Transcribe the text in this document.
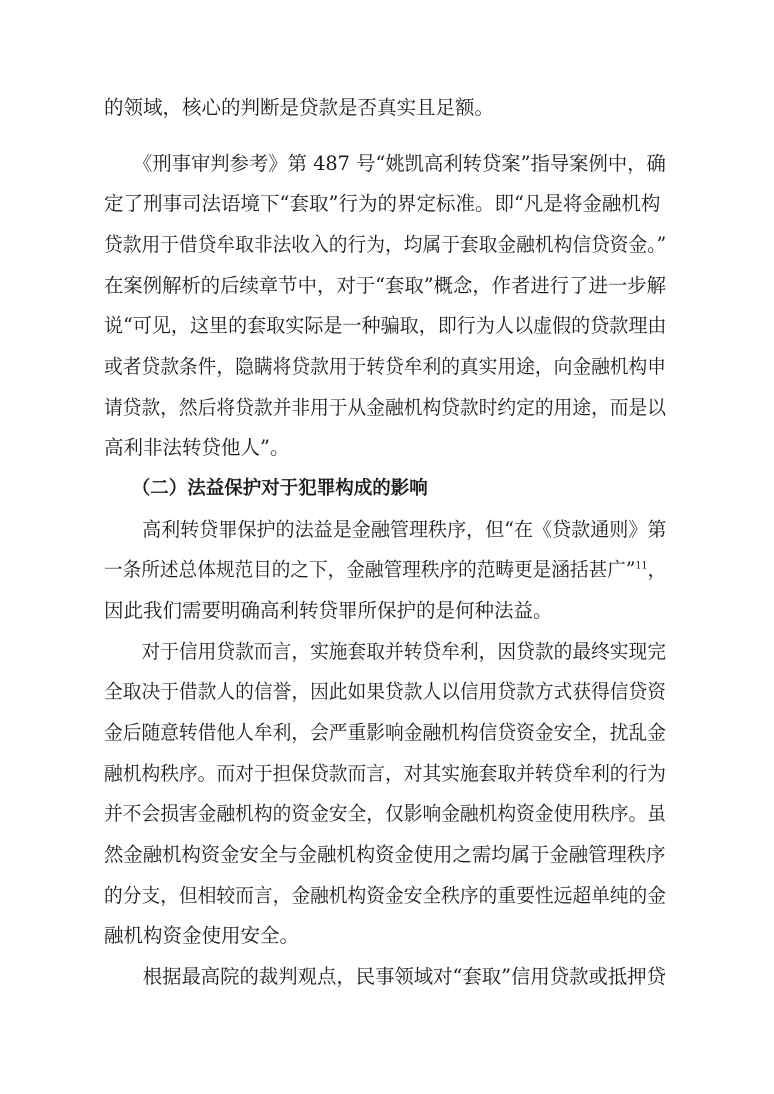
的领域，核心的判断是贷款是否真实且足额。
　　《刑事审判参考》第 487 号“姚凯高利转贷案”指导案例中，确
定了刑事司法语境下“套取”行为的界定标准。即“凡是将金融机构
贷款用于借贷牟取非法收入的行为，均属于套取金融机构信贷资金。”
在案例解析的后续章节中，对于“套取”概念，作者进行了进一步解
说“可见，这里的套取实际是一种骗取，即行为人以虚假的贷款理由
或者贷款条件，隐瞒将贷款用于转贷牟利的真实用途，向金融机构申
请贷款，然后将贷款并非用于从金融机构贷款时约定的用途，而是以
高利非法转贷他人”。
　　（二）法益保护对于犯罪构成的影响
　　高利转贷罪保护的法益是金融管理秩序，但“在《贷款通则》第
一条所述总体规范目的之下，金融管理秩序的范畴更是涵括甚广”$^{11}$，
因此我们需要明确高利转贷罪所保护的是何种法益。
　　对于信用贷款而言，实施套取并转贷牟利，因贷款的最终实现完
全取决于借款人的信誉，因此如果贷款人以信用贷款方式获得信贷资
金后随意转借他人牟利，会严重影响金融机构信贷资金安全，扰乱金
融机构秩序。而对于担保贷款而言，对其实施套取并转贷牟利的行为
并不会损害金融机构的资金安全，仅影响金融机构资金使用秩序。虽
然金融机构资金安全与金融机构资金使用之需均属于金融管理秩序
的分支，但相较而言，金融机构资金安全秩序的重要性远超单纯的金
融机构资金使用安全。
　　根据最高院的裁判观点，民事领域对“套取”信用贷款或抵押贷
